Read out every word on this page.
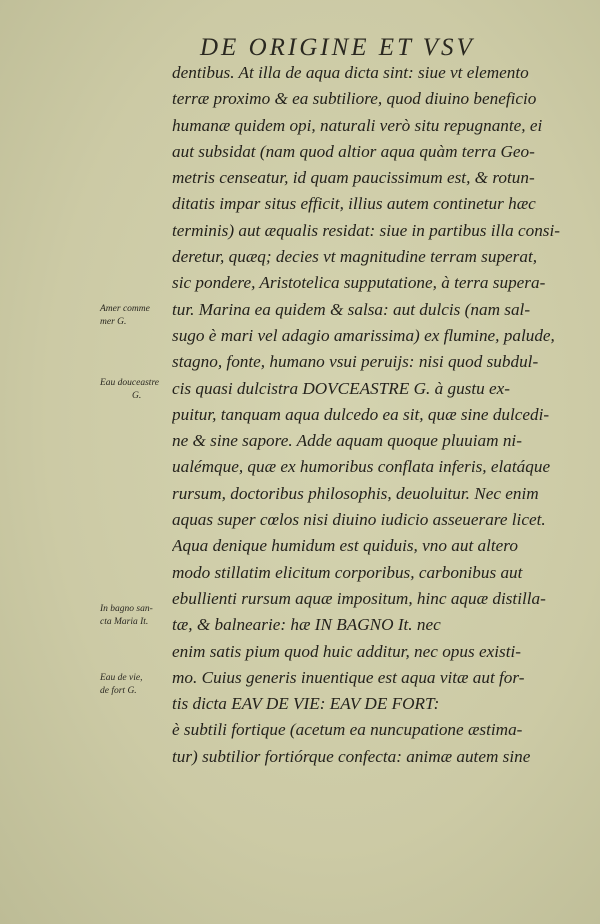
DE ORIGINE ET VSV
dentibus. At illa de aqua dicta sint: siue vt elemento
terræ proximo & ea subtiliore, quod diuino beneficio
humanæ quidem opi, naturali verò situ repugnante, ei
aut subsidat (nam quod altior aqua quàm terra Geo-
metris censeatur, id quam paucissimum est, & rotun-
ditatis impar situs efficit, illius autem continetur hæc
terminis) aut æqualis residat: siue in partibus illa consi-
deretur, quæq; decies vt magnitudine terram superat,
sic pondere, Aristotelica supputatione, à terra supera-
tur. Marina ea quidem & salsa: aut dulcis (nam sal-
sugo è mari vel adagio amarissima) ex flumine, palude,
stagno, fonte, humano vsui peruijs: nisi quod subdul-
cis quasi dulcistra DOVCEASTRE G. à gustu ex-
puitur, tanquam aqua dulcedo ea sit, quæ sine dulcedi-
ne & sine sapore. Adde aquam quoque pluuiam ni-
ualémque, quæ ex humoribus conflata inferis, elatáque
rursum, doctoribus philosophis, deuoluitur. Nec enim
aquas super cœlos nisi diuino iudicio asseuerare licet.
Aqua denique humidum est quiduis, vno aut altero
modo stillatim elicitum corporibus, carbonibus aut
ebullienti rursum aquæ impositum, hinc aquæ distilla-
tæ, & balnearie: hæ IN BAGNO It. nec
enim satis pium quod huic additur, nec opus existi-
mo. Cuius generis inuentique est aqua vitæ aut for-
tis dicta EAV DE VIE: EAV DE FORT:
è subtili fortique (acetum ea nuncupatione æstima-
tur) subtilior fortiórque confecta: animæ autem sine
Amer comme
mer G.
Eau douceastre
G.
In bagno san-
cta Maria It.
Eau de vie,
de fort G.
